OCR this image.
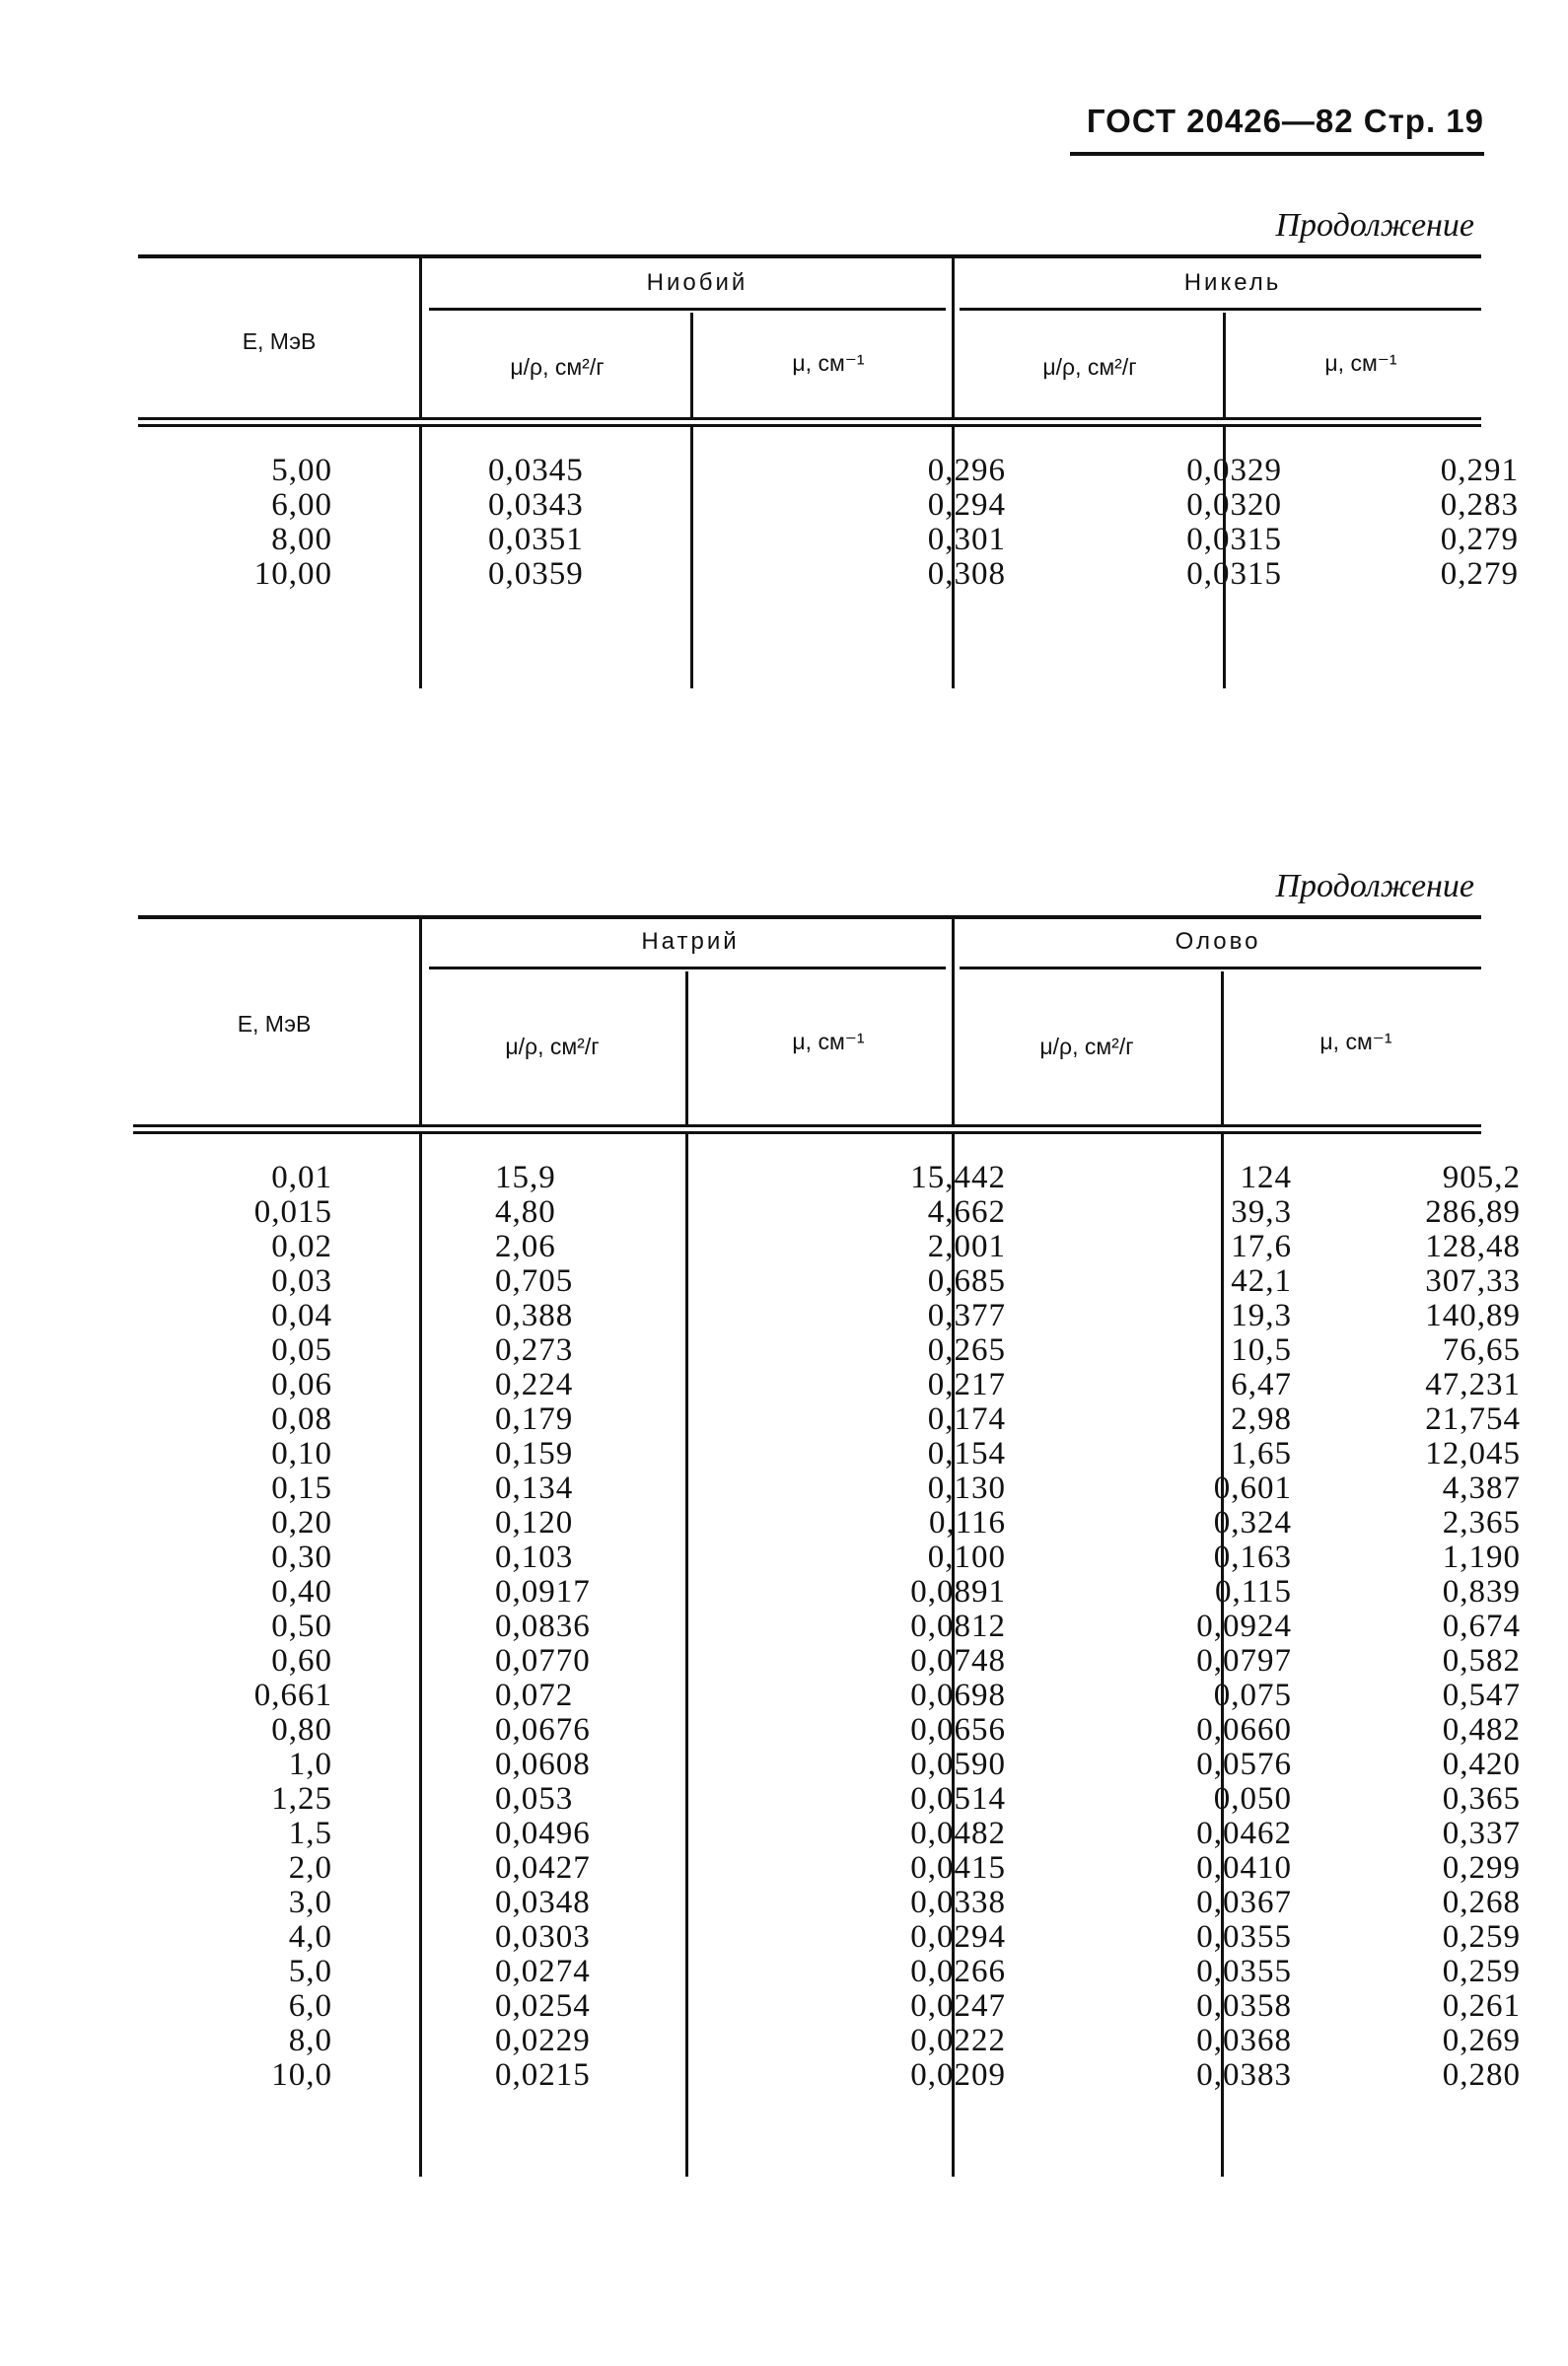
ГОСТ 20426—82 Стр. 19
Продолжение
Ниобий	Никель
E, МэВ
μ/ρ, см²/г	μ, см⁻¹	μ/ρ, см²/г	μ, см⁻¹
5,00	0,0345	0,296	0,0329	0,291
6,00	0,0343	0,294	0,0320	0,283
8,00	0,0351	0,301	0,0315	0,279
10,00	0,0359	0,308	0,0315	0,279
Продолжение
Натрий	Олово
E, МэВ
μ/ρ, см²/г	μ, см⁻¹	μ/ρ, см²/г	μ, см⁻¹
0,01	15,9	15,442	124	905,2
0,015	4,80	4,662	39,3	286,89
0,02	2,06	2,001	17,6	128,48
0,03	0,705	0,685	42,1	307,33
0,04	0,388	0,377	19,3	140,89
0,05	0,273	0,265	10,5	76,65
0,06	0,224	0,217	6,47	47,231
0,08	0,179	0,174	2,98	21,754
0,10	0,159	0,154	1,65	12,045
0,15	0,134	0,130	0,601	4,387
0,20	0,120	0,116	0,324	2,365
0,30	0,103	0,100	0,163	1,190
0,40	0,0917	0,0891	0,115	0,839
0,50	0,0836	0,0812	0,0924	0,674
0,60	0,0770	0,0748	0,0797	0,582
0,661	0,072	0,0698	0,075	0,547
0,80	0,0676	0,0656	0,0660	0,482
1,0	0,0608	0,0590	0,0576	0,420
1,25	0,053	0,0514	0,050	0,365
1,5	0,0496	0,0482	0,0462	0,337
2,0	0,0427	0,0415	0,0410	0,299
3,0	0,0348	0,0338	0,0367	0,268
4,0	0,0303	0,0294	0,0355	0,259
5,0	0,0274	0,0266	0,0355	0,259
6,0	0,0254	0,0247	0,0358	0,261
8,0	0,0229	0,0222	0,0368	0,269
10,0	0,0215	0,0209	0,0383	0,280
